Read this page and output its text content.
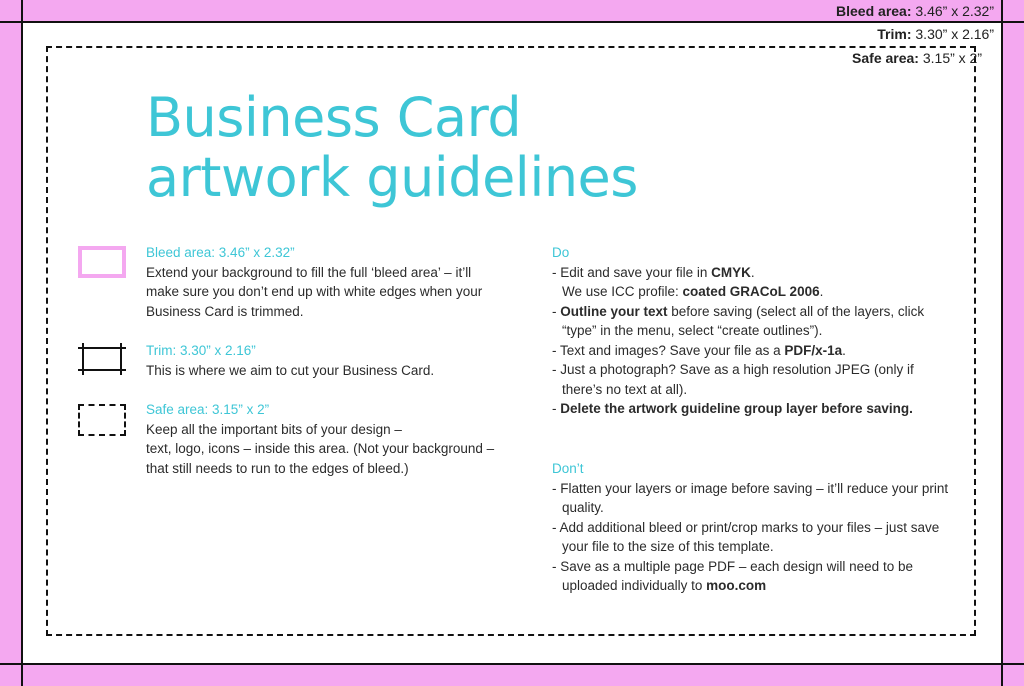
Bleed area: 3.46” x 2.32”
Trim: 3.30” x 2.16”
Safe area: 3.15” x 2”
Business Card
artwork guidelines
Bleed area: 3.46” x 2.32”
Extend your background to fill the full ‘bleed area’ – it’ll
make sure you don’t end up with white edges when your
Business Card is trimmed.
Trim: 3.30” x 2.16”
This is where we aim to cut your Business Card.
Safe area: 3.15” x 2”
Keep all the important bits of your design –
text, logo, icons – inside this area. (Not your background –
that still needs to run to the edges of bleed.)
Do
- Edit and save your file in CMYK.
We use ICC profile: coated GRACoL 2006.
- Outline your text before saving (select all of the layers, click “type” in the menu, select “create outlines”).
- Text and images? Save your file as a PDF/x-1a.
- Just a photograph? Save as a high resolution JPEG (only if there’s no text at all).
- Delete the artwork guideline group layer before saving.
Don’t
- Flatten your layers or image before saving – it’ll reduce your print quality.
- Add additional bleed or print/crop marks to your files – just save your file to the size of this template.
- Save as a multiple page PDF – each design will need to be uploaded individually to moo.com
